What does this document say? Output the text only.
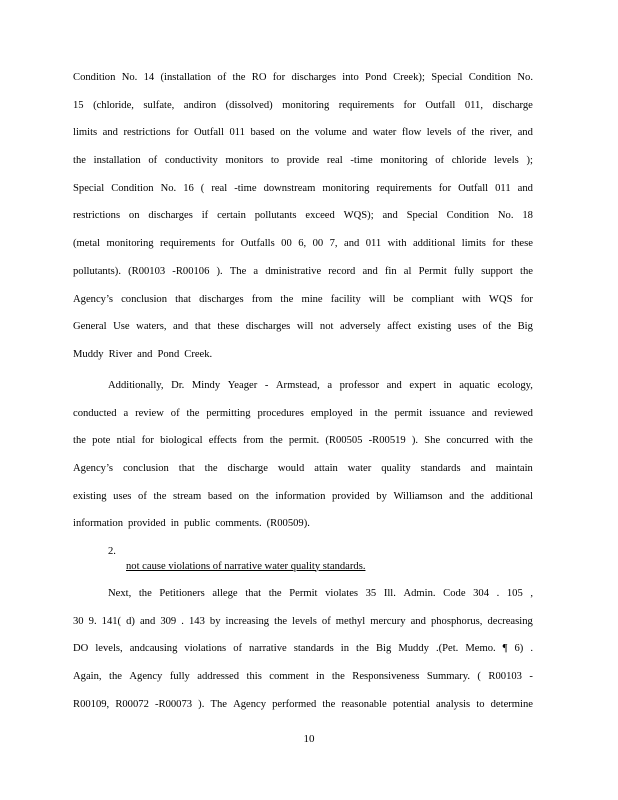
Condition No. 14 (installation of the RO for discharges into Pond Creek); Special Condition No.
15 (chloride, sulfate, andiron (dissolved) monitoring requirements for Outfall 011, discharge
limits and restrictions for Outfall 011 based on the volume and water flow levels of the river, and
the installation of conductivity monitors to provide real -time monitoring of chloride levels );
Special Condition No. 16 ( real -time downstream monitoring requirements for Outfall 011 and
restrictions on discharges if certain pollutants exceed WQS); and Special Condition No. 18
(metal monitoring requirements for Outfalls 00 6, 00 7, and 011 with additional limits for these
pollutants). (R00103 -R00106 ). The a dministrative record and fin al Permit fully support the
Agency’s conclusion that discharges from the mine facility will be compliant with WQS for
General Use waters, and that these discharges will not adversely affect existing uses of the Big
Muddy River and Pond Creek.
Additionally, Dr. Mindy Yeager - Armstead, a professor and expert in aquatic ecology,
conducted a review of the permitting procedures employed in the permit issuance and reviewed
the pote ntial for biological effects from the permit. (R00505 -R00519 ). She concurred with the
Agency’s conclusion that the discharge would attain water quality standards and maintain
existing uses of the stream based on the information provided by Williamson and the additional
information provided in public comments. (R00509).
2.
not cause violations of narrative water quality standards.
Next, the Petitioners allege that the Permit violates 35 Ill. Admin. Code 304 . 105 ,
30 9. 141( d) and 309 . 143 by increasing the levels of methyl mercury and phosphorus, decreasing
DO levels, andcausing violations of narrative standards in the Big Muddy .(Pet. Memo. ¶ 6) .
Again, the Agency fully addressed this comment in the Responsiveness Summary. ( R00103 -
R00109, R00072 -R00073 ). The Agency performed the reasonable potential analysis to determine
10
